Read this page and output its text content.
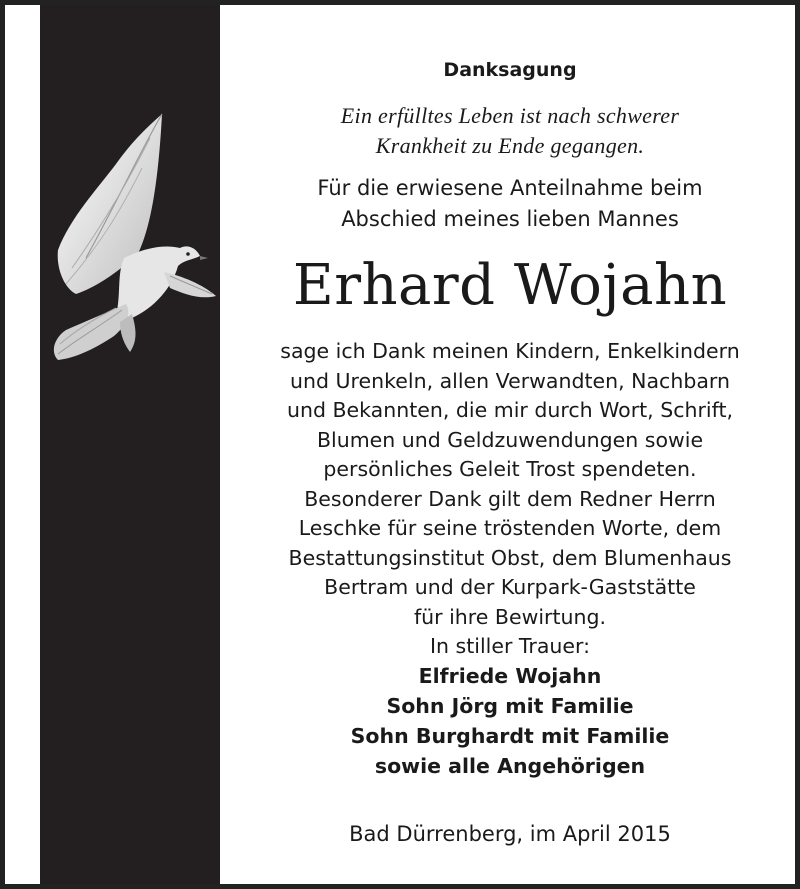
Danksagung
Ein erfülltes Leben ist nach schwerer
Krankheit zu Ende gegangen.
Für die erwiesene Anteilnahme beim
Abschied meines lieben Mannes
Erhard Wojahn
sage ich Dank meinen Kindern, Enkelkindern
und Urenkeln, allen Verwandten, Nachbarn
und Bekannten, die mir durch Wort, Schrift,
Blumen und Geldzuwendungen sowie
persönliches Geleit Trost spendeten.
Besonderer Dank gilt dem Redner Herrn
Leschke für seine tröstenden Worte, dem
Bestattungsinstitut Obst, dem Blumenhaus
Bertram und der Kurpark-Gaststätte
für ihre Bewirtung.
In stiller Trauer:
Elfriede Wojahn
Sohn Jörg mit Familie
Sohn Burghardt mit Familie
sowie alle Angehörigen
Bad Dürrenberg, im April 2015
